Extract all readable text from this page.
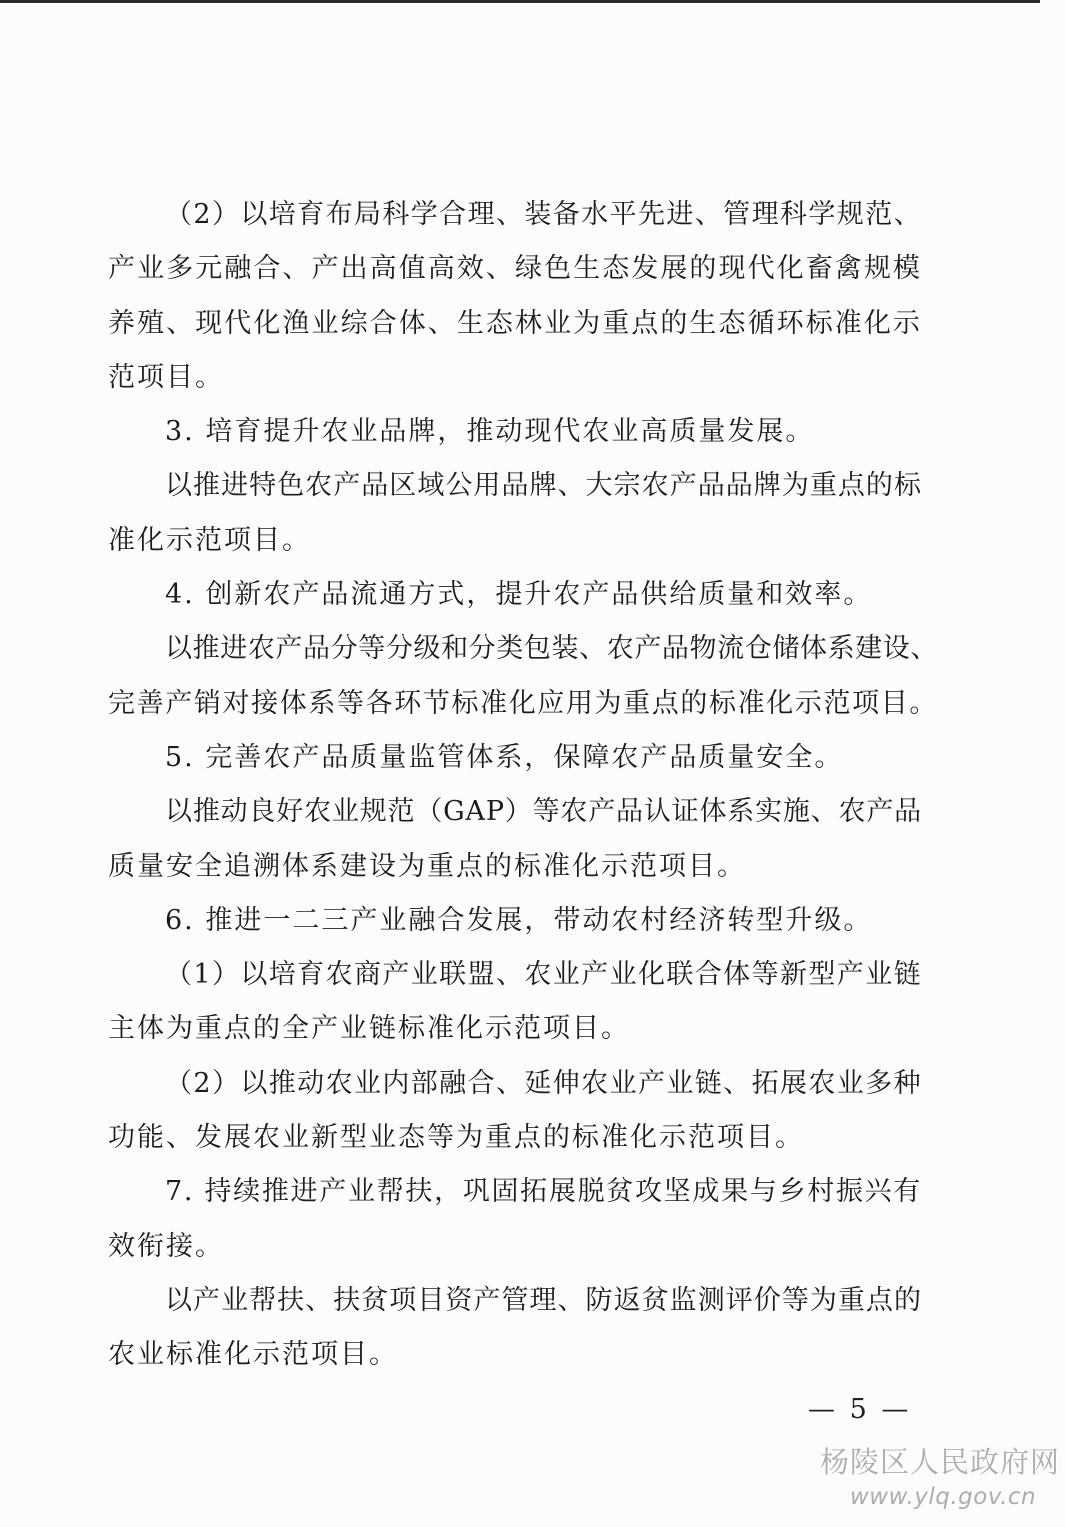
（2）以培育布局科学合理、装备水平先进、管理科学规范、
产业多元融合、产出高值高效、绿色生态发展的现代化畜禽规模
养殖、现代化渔业综合体、生态林业为重点的生态循环标准化示
范项目。
3. 培育提升农业品牌，推动现代农业高质量发展。
以推进特色农产品区域公用品牌、大宗农产品品牌为重点的标
准化示范项目。
4. 创新农产品流通方式，提升农产品供给质量和效率。
以推进农产品分等分级和分类包装、农产品物流仓储体系建设、
完善产销对接体系等各环节标准化应用为重点的标准化示范项目。
5. 完善农产品质量监管体系，保障农产品质量安全。
以推动良好农业规范（GAP）等农产品认证体系实施、农产品
质量安全追溯体系建设为重点的标准化示范项目。
6. 推进一二三产业融合发展，带动农村经济转型升级。
（1）以培育农商产业联盟、农业产业化联合体等新型产业链
主体为重点的全产业链标准化示范项目。
（2）以推动农业内部融合、延伸农业产业链、拓展农业多种
功能、发展农业新型业态等为重点的标准化示范项目。
7. 持续推进产业帮扶，巩固拓展脱贫攻坚成果与乡村振兴有
效衔接。
以产业帮扶、扶贫项目资产管理、防返贫监测评价等为重点的
农业标准化示范项目。
— 5 —
杨陵区人民政府网
www.ylq.gov.cn
